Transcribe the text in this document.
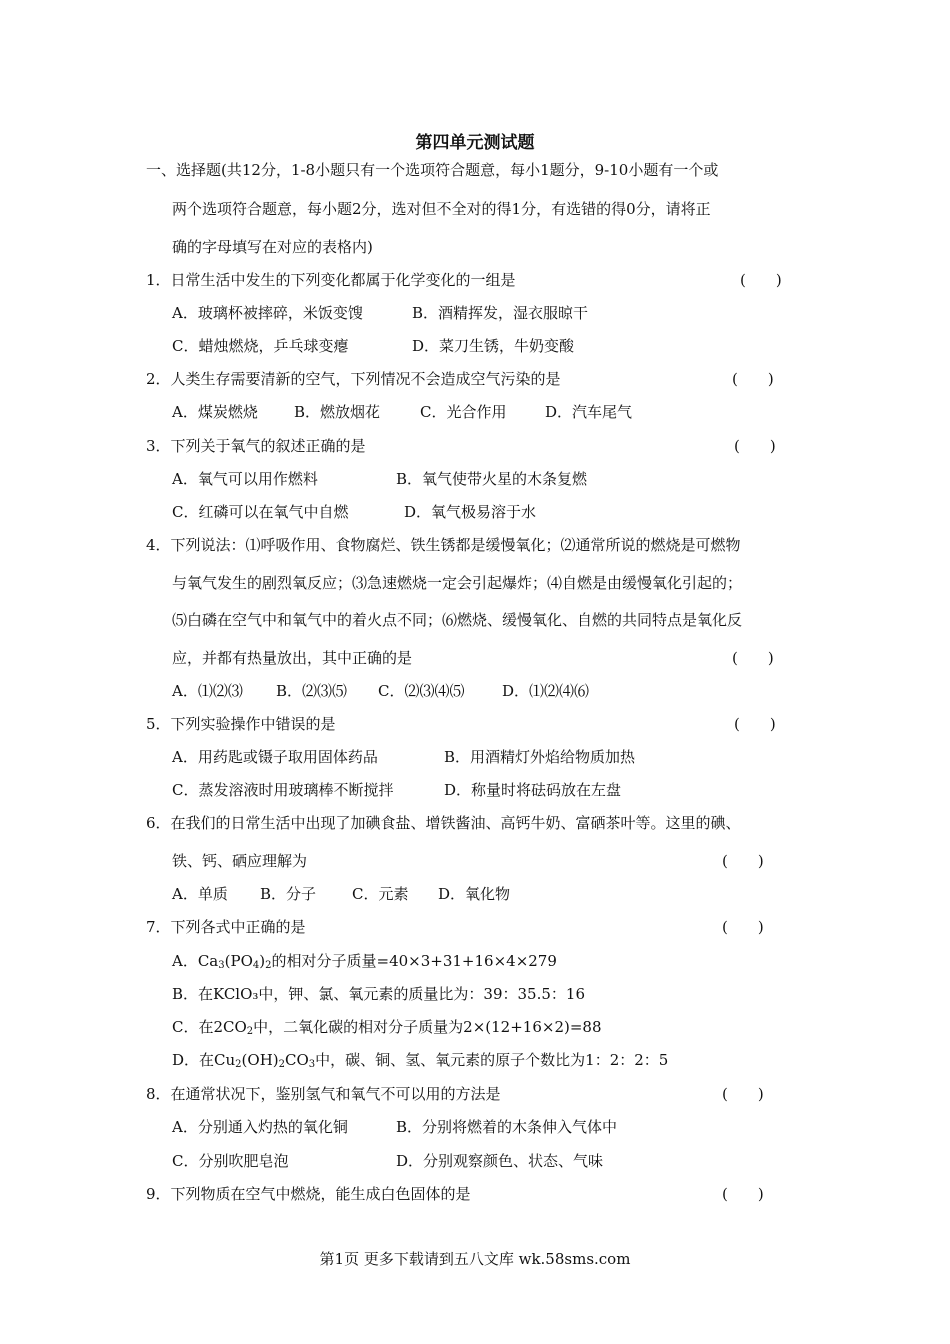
第四单元测试题
一、选择题(共12分，1-8小题只有一个选项符合题意，每小1题分，9-10小题有一个或
两个选项符合题意，每小题2分，选对但不全对的得1分，有选错的得0分，请将正
确的字母填写在对应的表格内)
1．日常生活中发生的下列变化都属于化学变化的一组是	(　　)
A．玻璃杯被摔碎，米饭变馊	B．酒精挥发，湿衣服晾干
C．蜡烛燃烧，乒乓球变瘪	D．菜刀生锈，牛奶变酸
2．人类生存需要清新的空气，下列情况不会造成空气污染的是	(　　)
A．煤炭燃烧 B．燃放烟花	C．光合作用	D．汽车尾气
3．下列关于氧气的叙述正确的是	(　　)
A．氧气可以用作燃料	B．氧气使带火星的木条复燃
C．红磷可以在氧气中自燃	D．氧气极易溶于水
4．下列说法：⑴呼吸作用、食物腐烂、铁生锈都是缓慢氧化；⑵通常所说的燃烧是可燃物
与氧气发生的剧烈氧反应；⑶急速燃烧一定会引起爆炸；⑷自燃是由缓慢氧化引起的；
⑸白磷在空气中和氧气中的着火点不同；⑹燃烧、缓慢氧化、自燃的共同特点是氧化反
应，并都有热量放出，其中正确的是	(　　)
A．⑴⑵⑶ B．⑵⑶⑸ C．⑵⑶⑷⑸	D．⑴⑵⑷⑹
5．下列实验操作中错误的是	(　　)
A．用药匙或镊子取用固体药品	B．用酒精灯外焰给物质加热
C．蒸发溶液时用玻璃棒不断搅拌	D．称量时将砝码放在左盘
6．在我们的日常生活中出现了加碘食盐、增铁酱油、高钙牛奶、富硒茶叶等。这里的碘、
铁、钙、硒应理解为	(　　)
A．单质 B．分子 C．元素 D．氧化物
7．下列各式中正确的是	(　　)
A．$Ca_3(PO_4)_2$的相对分子质量=40×3+31+16×4×279
B．在KClO₃中，钾、氯、氧元素的质量比为：39：35.5：16
C．在$2CO_2$中，二氧化碳的相对分子质量为2×(12+16×2)=88
D．在$Cu_2(OH)_2CO_3$中，碳、铜、氢、氧元素的原子个数比为1：2：2：5
8．在通常状况下，鉴别氢气和氧气不可以用的方法是	(　　)
A．分别通入灼热的氧化铜	B．分别将燃着的木条伸入气体中
C．分别吹肥皂泡	D．分别观察颜色、状态、气味
9．下列物质在空气中燃烧，能生成白色固体的是	(　　)
第1页 更多下载请到五八文库 wk.58sms.com
